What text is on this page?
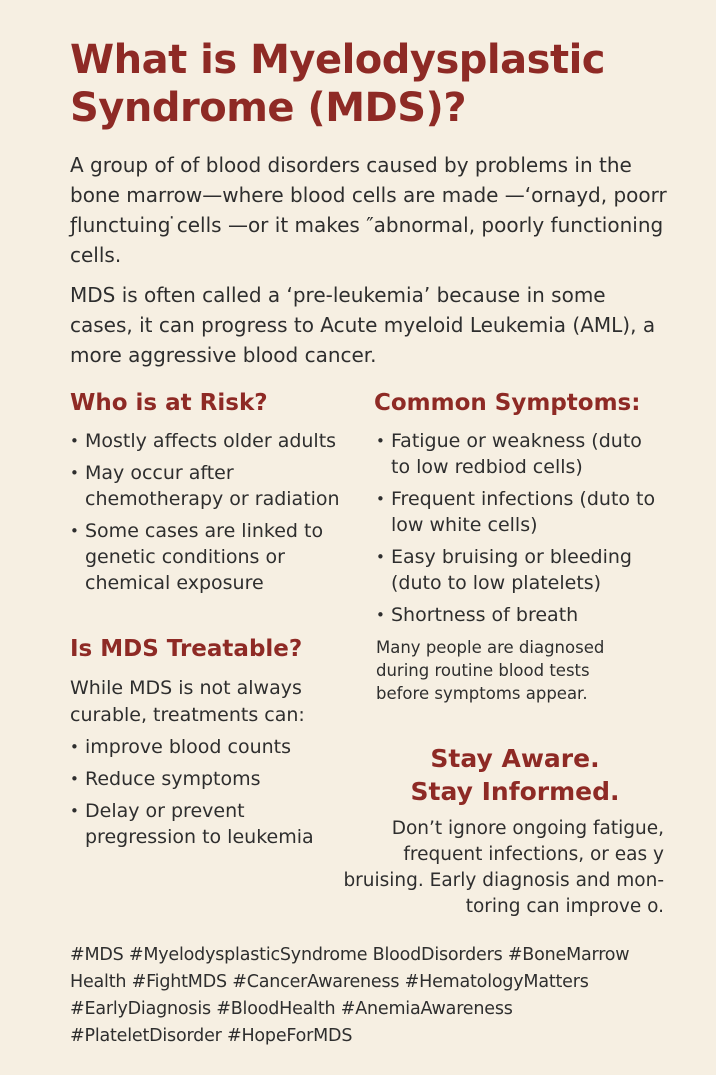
What is Myelodysplastic Syndrome (MDS)?

A group of of blood disorders caused by problems in the bone marrow—where blood cells are made —‘ornayd, poorr ƒlunctuing ̇cells —or it makes ″abnormal, poorly functioning cells.

MDS is often called a ‘pre-leukemia’ because in some cases, it can progress to Acute myeloid Leukemia (AML), a more aggressive blood cancer.

Who is at Risk?
• Mostly affects older adults
• May occur after chemotherapy or radiation
• Some cases are linked to genetic conditions or chemical exposure
Common Symptoms:
• Fatigue or weakness (duto to low redbiod cells)
• Frequent infections (duto to low white cells)
• Easy bruising or bleeding (duto to low platelets)
• Shortness of breath

Many people are diagnosed during routine blood tests before symptoms appear.

Is MDS Treatable?

While MDS is not always curable, treatments can:

• improve blood counts
• Reduce symptoms
• Delay or prevent pregression to leukemia

Stay Aware.

Stay Informed.

Don’t ignore ongoing fatigue, frequent infections, or eas y bruising. Early diagnosis and mon- toring can improve o.

#MDS #MyelodysplasticSyndrome BloodDisorders #BoneMarrow
Health #FightMDS #CancerAwareness #HematologyMatters
#EarlyDiagnosis #BloodHealth #AnemiaAwareness
#PlateletDisorder #HopeForMDS
